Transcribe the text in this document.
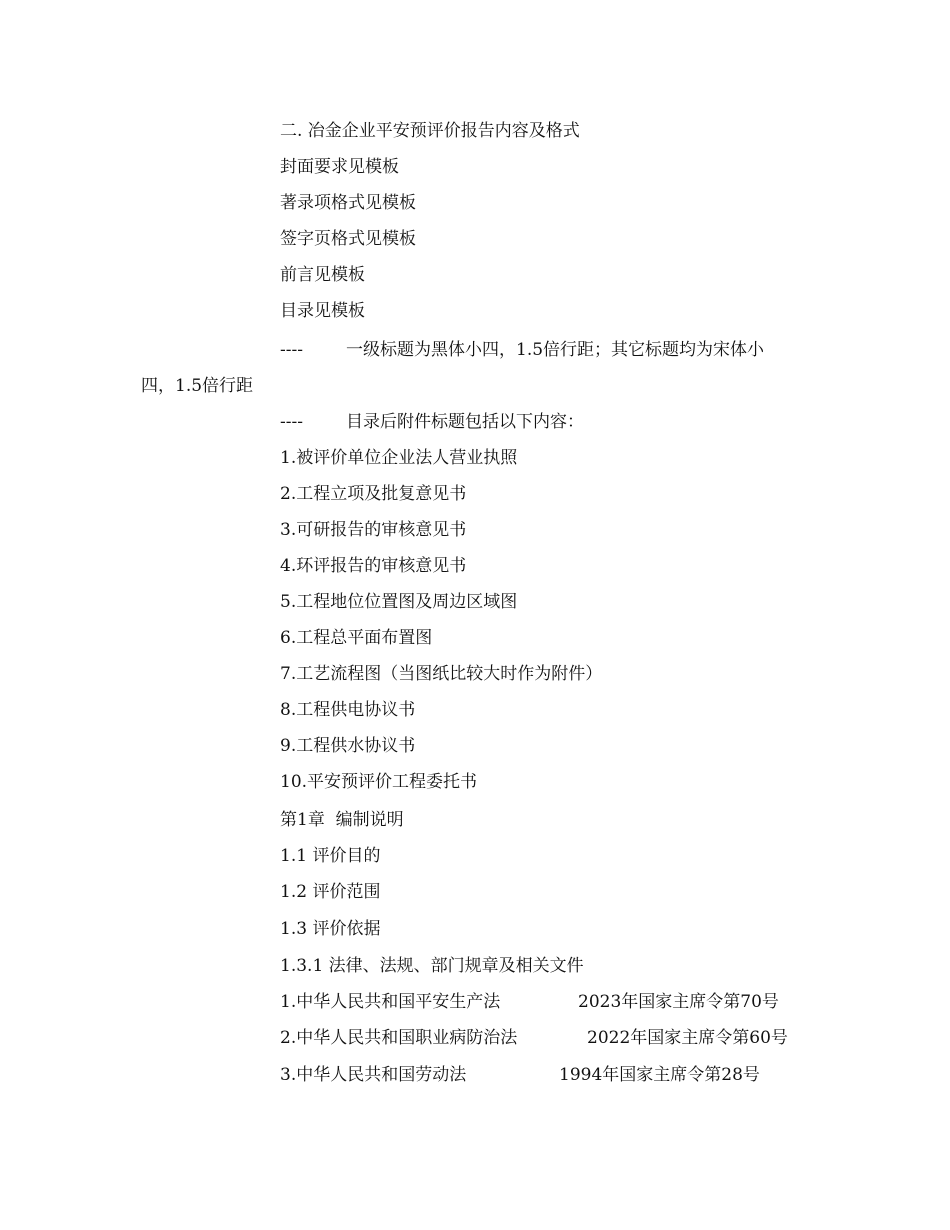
二. 冶金企业平安预评价报告内容及格式

封面要求见模板

著录项格式见模板

签字页格式见模板

前言见模板

目录见模板

----	一级标题为黑体小四，1.5倍行距；其它标题均为宋体小

四，1.5倍行距

----	目录后附件标题包括以下内容：

1.被评价单位企业法人营业执照

2.工程立项及批复意见书

3.可研报告的审核意见书

4.环评报告的审核意见书

5.工程地位位置图及周边区域图

6.工程总平面布置图

7.工艺流程图（当图纸比较大时作为附件）

8.工程供电协议书

9.工程供水协议书

10.平安预评价工程委托书

第1章  编制说明

1.1 评价目的

1.2 评价范围

1.3 评价依据

1.3.1 法律、法规、部门规章及相关文件

1.中华人民共和国平安生产法	2023年国家主席令第70号

2.中华人民共和国职业病防治法	2022年国家主席令第60号

3.中华人民共和国劳动法	1994年国家主席令第28号
